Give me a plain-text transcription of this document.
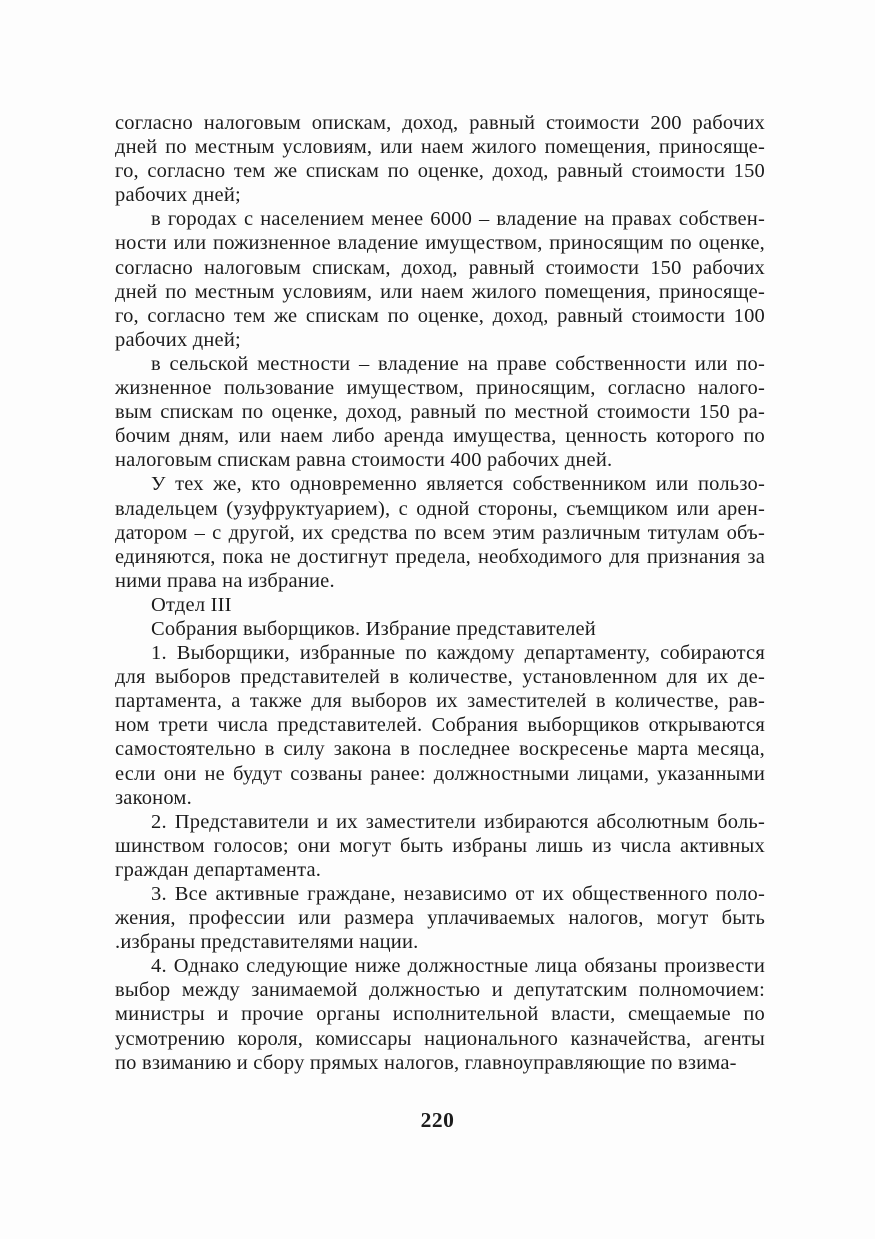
согласно налоговым опискам, доход, равный стоимости 200 рабочих
дней по местным условиям, или наем жилого помещения, приносяще-
го, согласно тем же спискам по оценке, доход, равный стоимости 150
рабочих дней;
в городах с населением менее 6000 – владение на правах собствен-
ности или пожизненное владение имуществом, приносящим по оценке,
согласно налоговым спискам, доход, равный стоимости 150 рабочих
дней по местным условиям, или наем жилого помещения, приносяще-
го, согласно тем же спискам по оценке, доход, равный стоимости 100
рабочих дней;
в сельской местности – владение на праве собственности или по-
жизненное пользование имуществом, приносящим, согласно налого-
вым спискам по оценке, доход, равный по местной стоимости 150 ра-
бочим дням, или наем либо аренда имущества, ценность которого по
налоговым спискам равна стоимости 400 рабочих дней.
У тех же, кто одновременно является собственником или пользо-
владельцем (узуфруктуарием), с одной стороны, съемщиком или арен-
датором – с другой, их средства по всем этим различным титулам объ-
единяются, пока не достигнут предела, необходимого для признания за
ними права на избрание.
Отдел III
Собрания выборщиков. Избрание представителей
1. Выборщики, избранные по каждому департаменту, собираются
для выборов представителей в количестве, установленном для их де-
партамента, а также для выборов их заместителей в количестве, рав-
ном трети числа представителей. Собрания выборщиков открываются
самостоятельно в силу закона в последнее воскресенье марта месяца,
если они не будут созваны ранее: должностными лицами, указанными
законом.
2. Представители и их заместители избираются абсолютным боль-
шинством голосов; они могут быть избраны лишь из числа активных
граждан департамента.
3. Все активные граждане, независимо от их общественного поло-
жения, профессии или размера уплачиваемых налогов, могут быть
.избраны представителями нации.
4. Однако следующие ниже должностные лица обязаны произвести
выбор между занимаемой должностью и депутатским полномочием:
министры и прочие органы исполнительной власти, смещаемые по
усмотрению короля, комиссары национального казначейства, агенты
по взиманию и сбору прямых налогов, главноуправляющие по взима-
220
